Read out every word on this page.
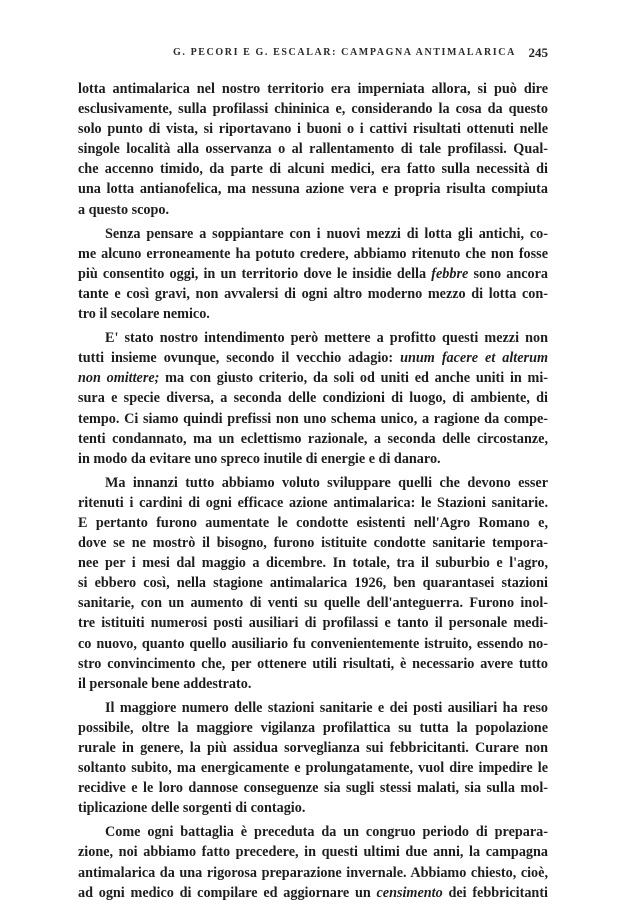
G. PECORI E G. ESCALAR: CAMPAGNA ANTIMALARICA 245

lotta antimalarica nel nostro territorio era imperniata allora, si può dire
esclusivamente, sulla profilassi chininica e, considerando la cosa da questo
solo punto di vista, si riportavano i buoni o i cattivi risultati ottenuti nelle
singole località alla osservanza o al rallentamento di tale profilassi. Qual-
che accenno timido, da parte di alcuni medici, era fatto sulla necessità di
una lotta antianofelica, ma nessuna azione vera e propria risulta compiuta
a questo scopo.

Senza pensare a soppiantare con i nuovi mezzi di lotta gli antichi, co-
me alcuno erroneamente ha potuto credere, abbiamo ritenuto che non fosse
più consentito oggi, in un territorio dove le insidie della febbre sono ancora
tante e così gravi, non avvalersi di ogni altro moderno mezzo di lotta con-
tro il secolare nemico.

E' stato nostro intendimento però mettere a profitto questi mezzi non
tutti insieme ovunque, secondo il vecchio adagio: unum facere et alterum
non omittere; ma con giusto criterio, da soli od uniti ed anche uniti in mi-
sura e specie diversa, a seconda delle condizioni di luogo, di ambiente, di
tempo. Ci siamo quindi prefissi non uno schema unico, a ragione da compe-
tenti condannato, ma un eclettismo razionale, a seconda delle circostanze,
in modo da evitare uno spreco inutile di energie e di danaro.

Ma innanzi tutto abbiamo voluto sviluppare quelli che devono esser
ritenuti i cardini di ogni efficace azione antimalarica: le Stazioni sanitarie.
E pertanto furono aumentate le condotte esistenti nell'Agro Romano e,
dove se ne mostrò il bisogno, furono istituite condotte sanitarie tempora-
nee per i mesi dal maggio a dicembre. In totale, tra il suburbio e l'agro,
si ebbero così, nella stagione antimalarica 1926, ben quarantasei stazioni
sanitarie, con un aumento di venti su quelle dell'anteguerra. Furono inol-
tre istituiti numerosi posti ausiliari di profilassi e tanto il personale medi-
co nuovo, quanto quello ausiliario fu convenientemente istruito, essendo no-
stro convincimento che, per ottenere utili risultati, è necessario avere tutto
il personale bene addestrato.

Il maggiore numero delle stazioni sanitarie e dei posti ausiliari ha reso
possibile, oltre la maggiore vigilanza profilattica su tutta la popolazione
rurale in genere, la più assidua sorveglianza sui febbricitanti. Curare non
soltanto subito, ma energicamente e prolungatamente, vuol dire impedire le
recidive e le loro dannose conseguenze sia sugli stessi malati, sia sulla mol-
tiplicazione delle sorgenti di contagio.

Come ogni battaglia è preceduta da un congruo periodo di prepara-
zione, noi abbiamo fatto precedere, in questi ultimi due anni, la campagna
antimalarica da una rigorosa preparazione invernale. Abbiamo chiesto, cioè,
ad ogni medico di compilare ed aggiornare un censimento dei febbricitanti
